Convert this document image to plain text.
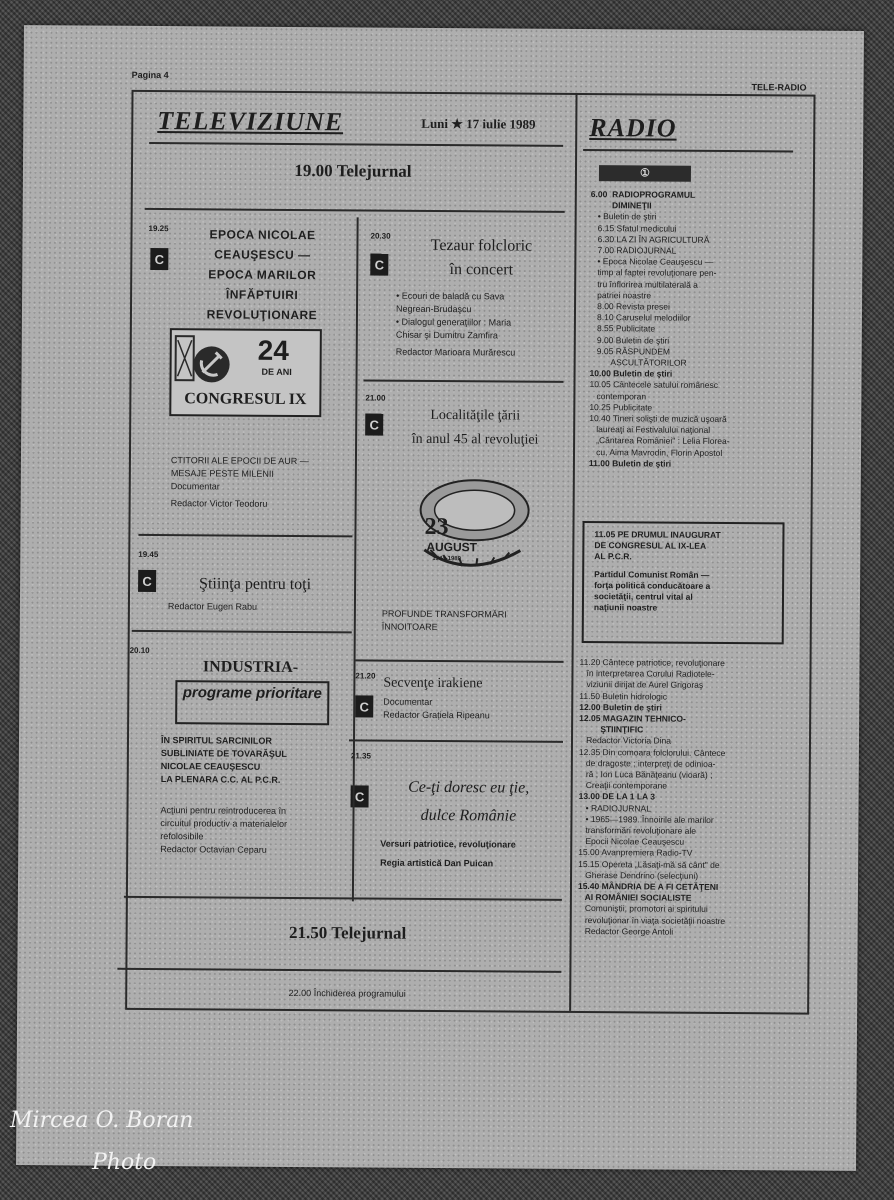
Pagina 4
TELE-RADIO
TELEVIZIUNE	Luni ★ 17 iulie 1989
19.00 Telejurnal
19.25
C
EPOCA NICOLAE CEAUŞESCU —
EPOCA MARILOR ÎNFĂPTUIRI
REVOLUŢIONARE
24
DE ANI
CONGRESUL IX
CTITORII ALE EPOCII DE AUR —
MESAJE PESTE MILENII
Documentar
Redactor Victor Teodoru
19.45
C	Ştiinţa pentru toţi
Redactor Eugen Rabu
20.10
INDUSTRIA-
programe prioritare
ÎN SPIRITUL SARCINILOR
SUBLINIATE DE TOVARĂŞUL
NICOLAE CEAUŞESCU
LA PLENARA C.C. AL P.C.R.
Acţiuni pentru reintroducerea în
circuitul productiv a materialelor
refolosibile
Redactor Octavian Ceparu
20.30
C
Tezaur folcloric
în concert
• Ecouri de baladă cu Sava
Negrean-Brudaşcu
• Dialogul generaţiilor : Maria
Chisar şi Dumitru Zamfira
Redactor Marioara Murărescu
21.00
C
Localităţile ţării
în anul 45 al revoluţiei
23
AUGUST
1944-1989
PROFUNDE TRANSFORMĂRI
ÎNNOITOARE
21.20
C
Secvenţe irakiene
Documentar
Redactor Grațiela Ripeanu
21.35
C	Ce-ţi doresc eu ţie,
dulce Românie
Versuri patriotice, revoluţionare
Regia artistică Dan Puican
21.50 Telejurnal
22.00 Închiderea programului
RADIO
①
6.00  RADIOPROGRAMUL
DIMINEŢII
• Buletin de ştiri
6.15 Sfatul medicului
6.30 LA ZI ÎN AGRICULTURĂ
7.00 RADIOJURNAL
• Epoca Nicolae Ceauşescu —
timp al faptei revoluţionare pen-
tru înflorirea multilaterală a
patriei noastre
8.00 Revista presei
8.10 Caruselul melodiilor
8.55 Publicitate
9.00 Buletin de ştiri
9.05 RĂSPUNDEM
ASCULTĂTORILOR
10.00 Buletin de ştiri
10.05 Cântecele satului românesc
contemporan
10.25 Publicitate
10.40 Tineri solişti de muzică uşoară
laureaţi ai Festivalului naţional
„Cântarea României" : Lelia Florea-
cu, Aima Mavrodin, Florin Apostol
11.00 Buletin de ştiri
11.05 PE DRUMUL INAUGURAT
DE CONGRESUL AL IX-LEA
AL P.C.R.
Partidul Comunist Român —
forţa politică conducătoare a
societăţii, centrul vital al
naţiunii noastre
11.20 Cântece patriotice, revoluţionare
în interpretarea Corului Radiotele-
viziunii dirijat de Aurel Grigoraş
11.50 Buletin hidrologic
12.00 Buletin de ştiri
12.05 MAGAZIN TEHNICO-
ŞTIINŢIFIC
Redactor Victoria Dina
12.35 Din comoara folclorului. Cântece
de dragoste ; interpreţi de odinioa-
ră ; Ion Luca Bănăţeanu (vioară) ;
Creaţii contemporane
13.00 DE LA 1 LA 3
• RADIOJURNAL
• 1965—1989. Înnoirile ale marilor
transformări revoluţionare ale
Epocii Nicolae Ceauşescu
15.00 Avanpremiera Radio-TV
15.15 Opereta „Lăsaţi-mă să cânt" de
Gherase Dendrino (selecţiuni)
15.40 MÂNDRIA DE A FI CETĂŢENI
AI ROMÂNIEI SOCIALISTE
Comuniştii, promotori ai spiritului
revoluţionar în viaţa societăţii noastre
Redactor George Antoli
Mircea O. Boran
Photo
